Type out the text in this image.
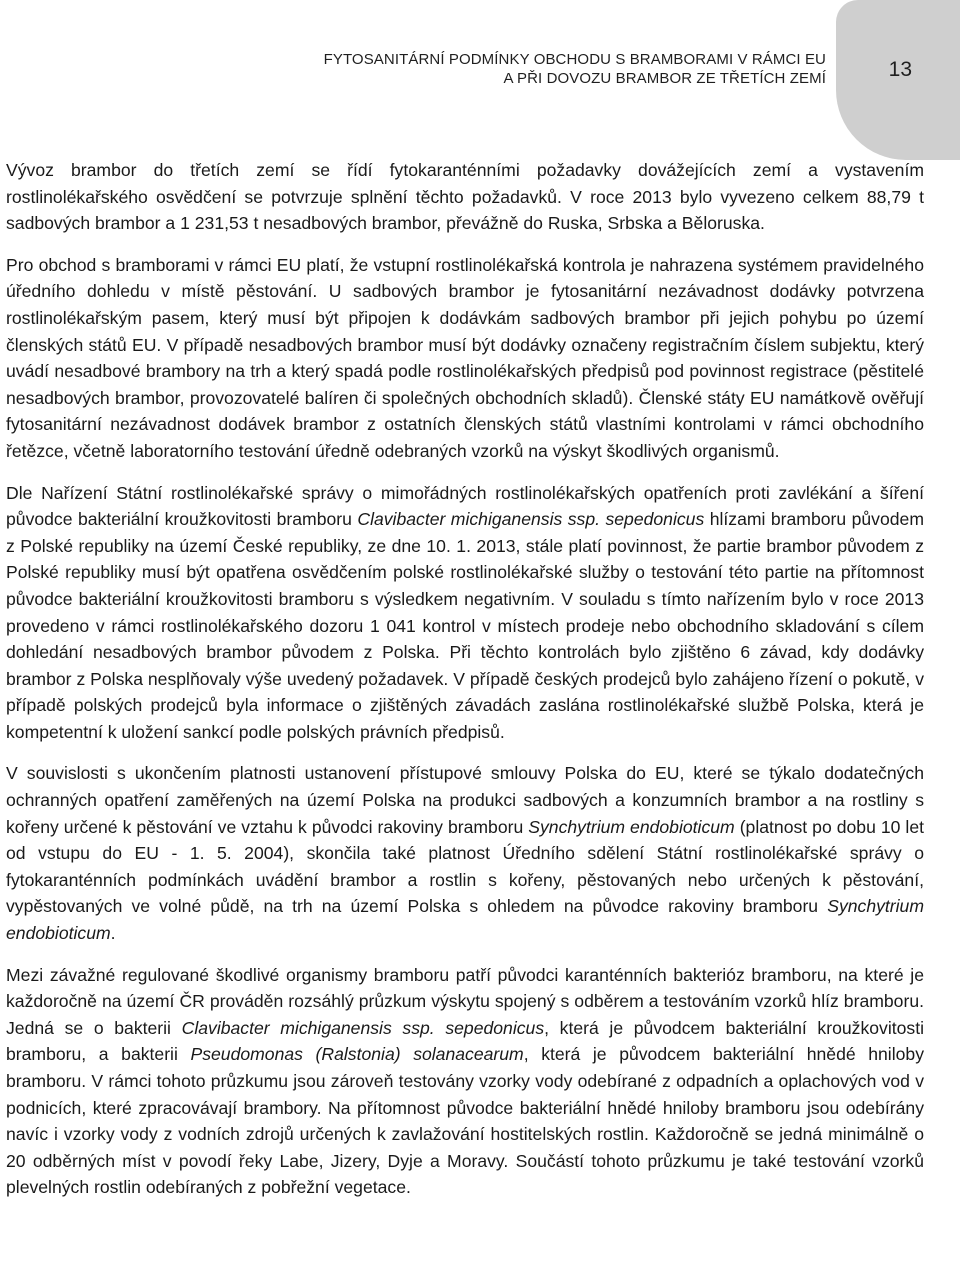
13
FYTOSANITÁRNÍ PODMÍNKY OBCHODU S BRAMBORAMI V RÁMCI EU
A PŘI DOVOZU BRAMBOR ZE TŘETÍCH ZEMÍ

Vývoz brambor do třetích zemí se řídí fytokaranténními požadavky dovážejících zemí a vystavením rostlinolékařského osvědčení se potvrzuje splnění těchto požadavků. V roce 2013 bylo vyvezeno celkem 88,79 t sadbových brambor a 1 231,53 t nesadbových brambor, převážně do Ruska, Srbska a Běloruska.

Pro obchod s bramborami v rámci EU platí, že vstupní rostlinolékařská kontrola je nahrazena systémem pravidelného úředního dohledu v místě pěstování. U sadbových brambor je fytosanitární nezávadnost dodávky potvrzena rostlinolékařským pasem, který musí být připojen k dodávkám sadbových brambor při jejich pohybu po území členských států EU. V případě nesadbových brambor musí být dodávky označeny registračním číslem subjektu, který uvádí nesadbové brambory na trh a který spadá podle rostlinolékařských předpisů pod povinnost registrace (pěstitelé nesadbových brambor, provozovatelé balíren či společných obchodních skladů). Členské státy EU namátkově ověřují fytosanitární nezávadnost dodávek brambor z ostatních členských států vlastními kontrolami v rámci obchodního řetězce, včetně laboratorního testování úředně odebraných vzorků na výskyt škodlivých organismů.

Dle Nařízení Státní rostlinolékařské správy o mimořádných rostlinolékařských opatřeních proti zavlékání a šíření původce bakteriální kroužkovitosti bramboru Clavibacter michiganensis ssp. sepedonicus hlízami bramboru původem z Polské republiky na území České republiky, ze dne 10. 1. 2013, stále platí povinnost, že partie brambor původem z Polské republiky musí být opatřena osvědčením polské rostlinolékařské služby o testování této partie na přítomnost původce bakteriální kroužkovitosti bramboru s výsledkem negativním. V souladu s tímto nařízením bylo v roce 2013 provedeno v rámci rostlinolékařského dozoru 1 041 kontrol v místech prodeje nebo obchodního skladování s cílem dohledání nesadbových brambor původem z Polska. Při těchto kontrolách bylo zjištěno 6 závad, kdy dodávky brambor z Polska nesplňovaly výše uvedený požadavek. V případě českých prodejců bylo zahájeno řízení o pokutě, v případě polských prodejců byla informace o zjištěných závadách zaslána rostlinolékařské službě Polska, která je kompetentní k uložení sankcí podle polských právních předpisů.

V souvislosti s ukončením platnosti ustanovení přístupové smlouvy Polska do EU, které se týkalo dodatečných ochranných opatření zaměřených na území Polska na produkci sadbových a konzumních brambor a na rostliny s kořeny určené k pěstování ve vztahu k původci rakoviny bramboru Synchytrium endobioticum (platnost po dobu 10 let od vstupu do EU - 1. 5. 2004), skončila také platnost Úředního sdělení Státní rostlinolékařské správy o fytokaranténních podmínkách uvádění brambor a rostlin s kořeny, pěstovaných nebo určených k pěstování, vypěstovaných ve volné půdě, na trh na území Polska s ohledem na původce rakoviny bramboru Synchytrium endobioticum.

Mezi závažné regulované škodlivé organismy bramboru patří původci karanténních bakterióz bramboru, na které je každoročně na území ČR prováděn rozsáhlý průzkum výskytu spojený s odběrem a testováním vzorků hlíz bramboru. Jedná se o bakterii Clavibacter michiganensis ssp. sepedonicus, která je původcem bakteriální kroužkovitosti bramboru, a bakterii Pseudomonas (Ralstonia) solanacearum, která je původcem bakteriální hnědé hniloby bramboru. V rámci tohoto průzkumu jsou zároveň testovány vzorky vody odebírané z odpadních a oplachových vod v podnicích, které zpracovávají brambory. Na přítomnost původce bakteriální hnědé hniloby bramboru jsou odebírány navíc i vzorky vody z vodních zdrojů určených k zavlažování hostitelských rostlin. Každoročně se jedná minimálně o 20 odběrných míst v povodí řeky Labe, Jizery, Dyje a Moravy. Součástí tohoto průzkumu je také testování vzorků plevelných rostlin odebíraných z pobřežní vegetace.
